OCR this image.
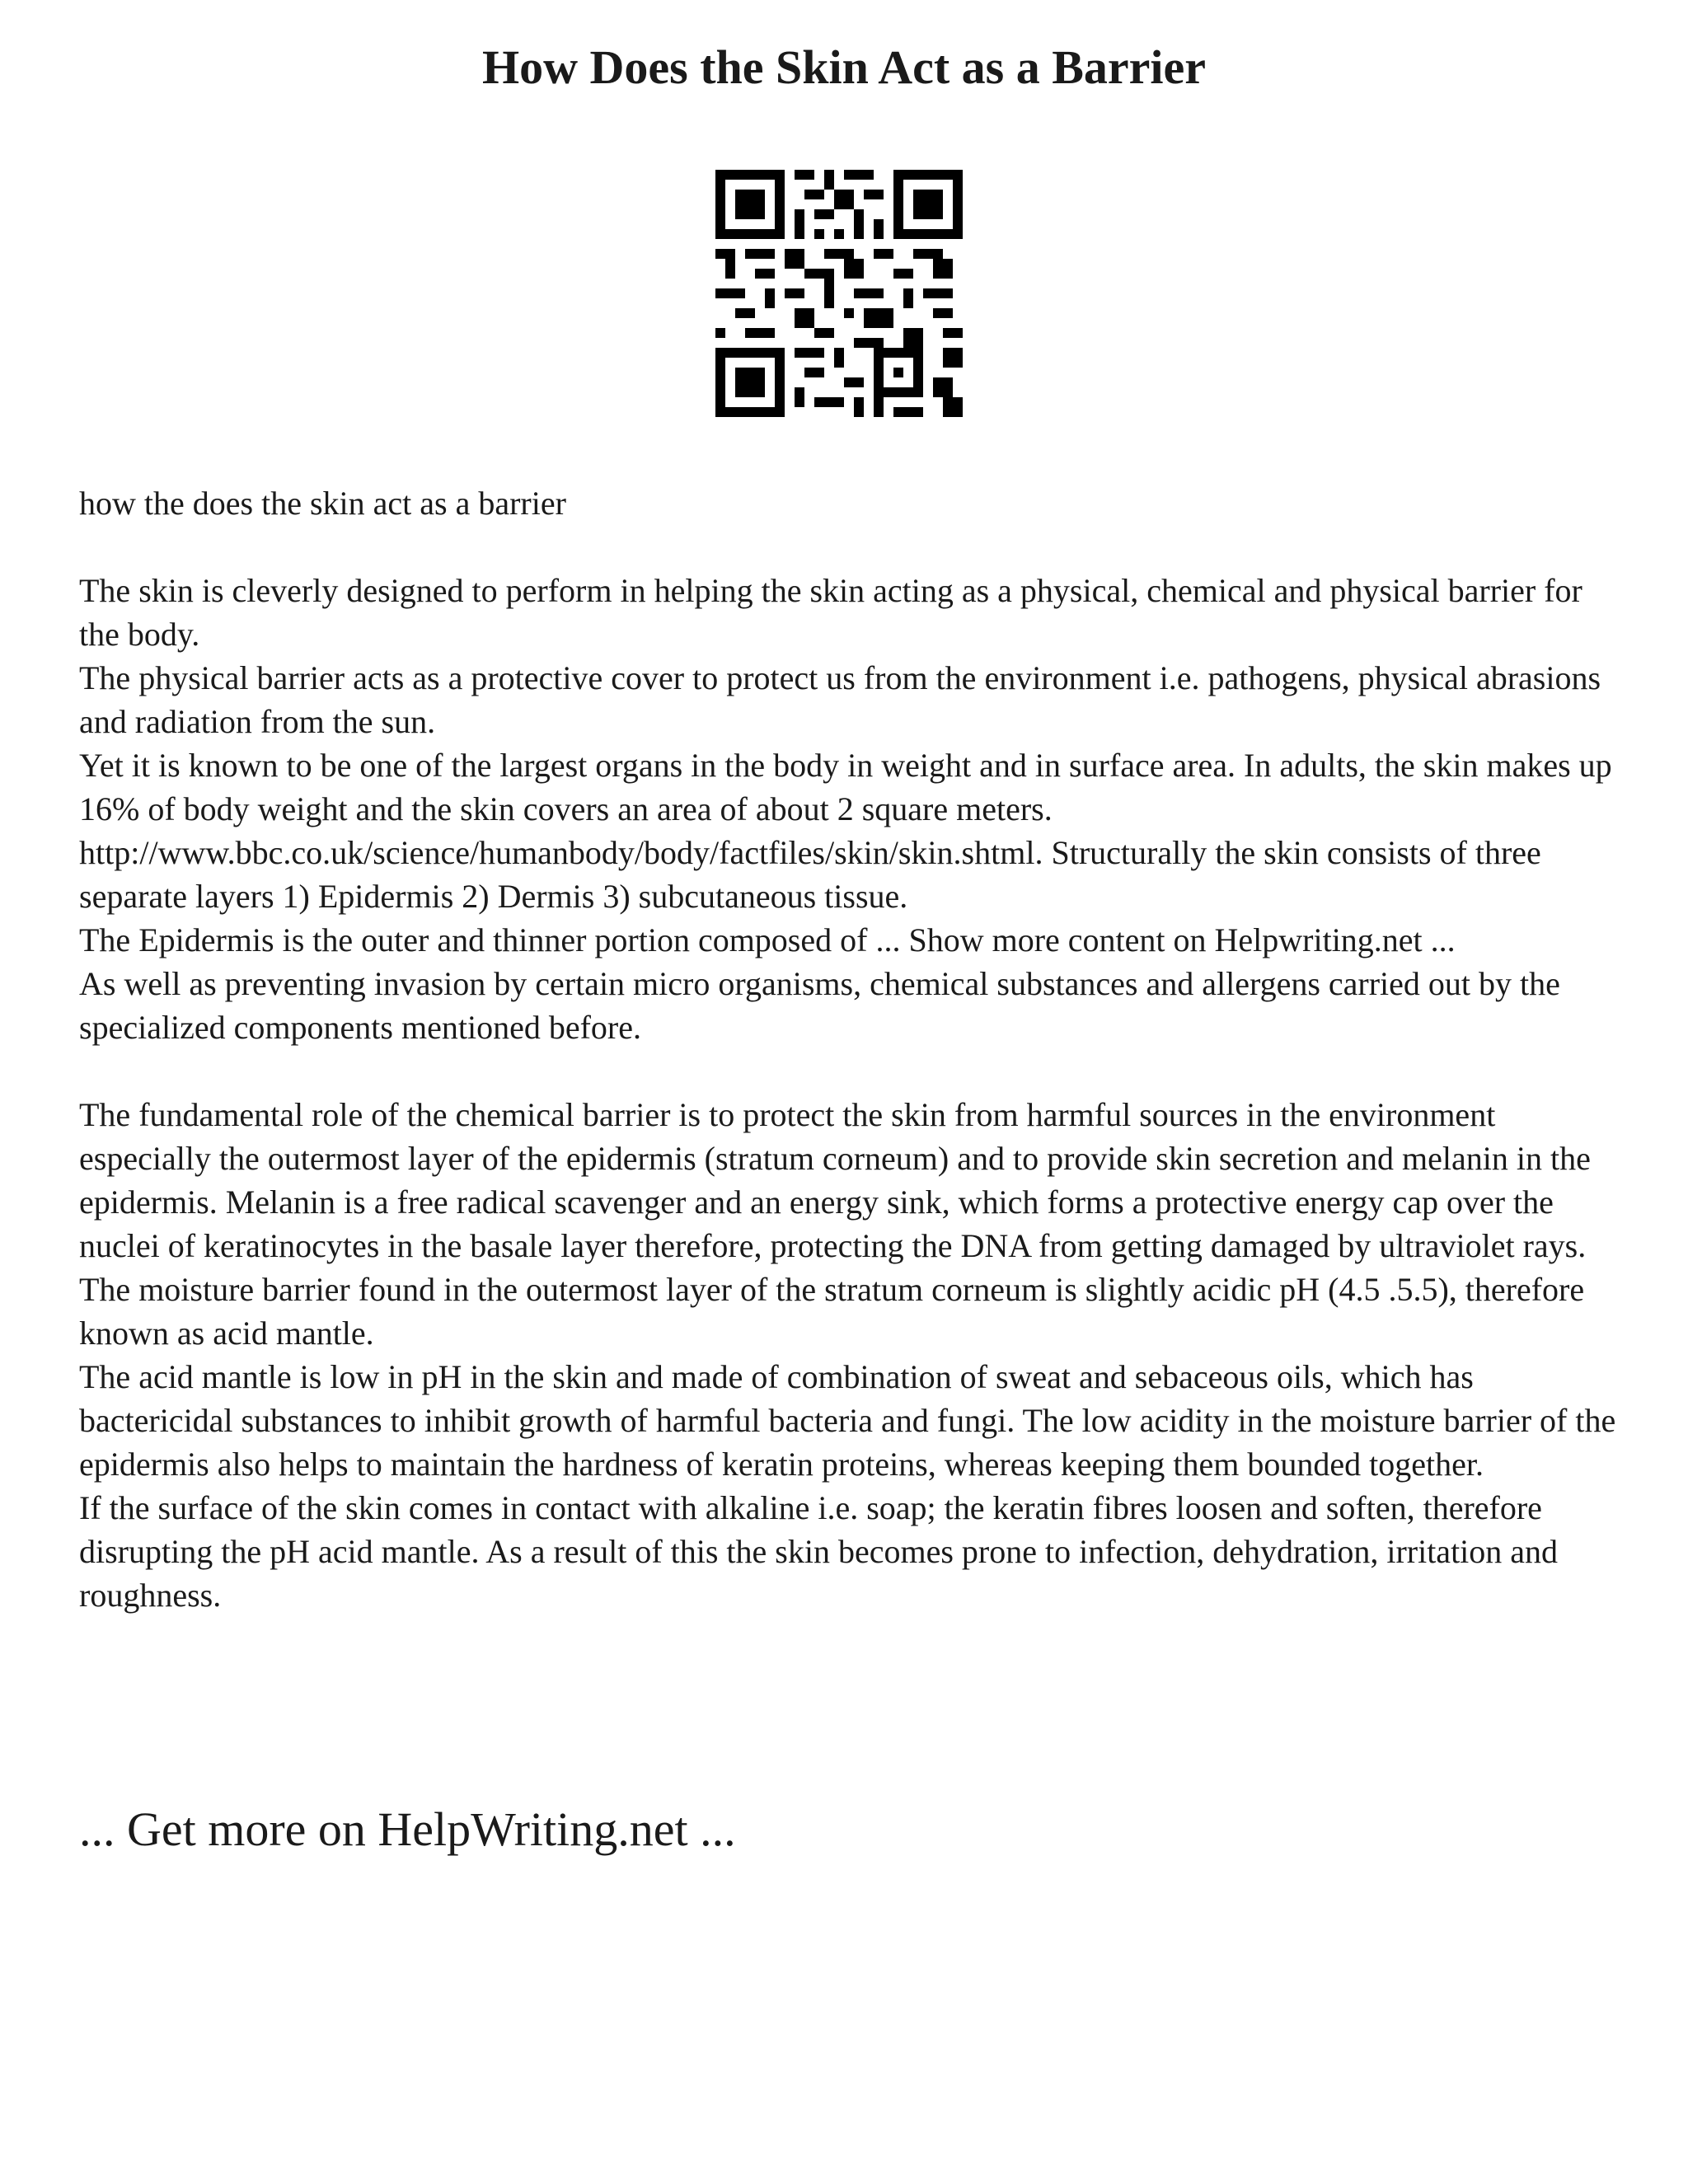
How Does the Skin Act as a Barrier

how the does the skin act as a barrier

The skin is cleverly designed to perform in helping the skin acting as a physical, chemical and physical barrier for the body.

The physical barrier acts as a protective cover to protect us from the environment i.e. pathogens, physical abrasions and radiation from the sun.

Yet it is known to be one of the largest organs in the body in weight and in surface area. In adults, the skin makes up 16% of body weight and the skin covers an area of about 2 square meters. http://www.bbc.co.uk/science/humanbody/body/factfiles/skin/skin.shtml. Structurally the skin consists of three separate layers 1) Epidermis 2) Dermis 3) subcutaneous tissue.

The Epidermis is the outer and thinner portion composed of ... Show more content on Helpwriting.net ...

As well as preventing invasion by certain micro organisms, chemical substances and allergens carried out by the specialized components mentioned before.

The fundamental role of the chemical barrier is to protect the skin from harmful sources in the environment especially the outermost layer of the epidermis (stratum corneum) and to provide skin secretion and melanin in the epidermis. Melanin is a free radical scavenger and an energy sink, which forms a protective energy cap over the nuclei of keratinocytes in the basale layer therefore, protecting the DNA from getting damaged by ultraviolet rays.

The moisture barrier found in the outermost layer of the stratum corneum is slightly acidic pH (4.5 .5.5), therefore known as acid mantle.

The acid mantle is low in pH in the skin and made of combination of sweat and sebaceous oils, which has bactericidal substances to inhibit growth of harmful bacteria and fungi. The low acidity in the moisture barrier of the epidermis also helps to maintain the hardness of keratin proteins, whereas keeping them bounded together.

If the surface of the skin comes in contact with alkaline i.e. soap; the keratin fibres loosen and soften, therefore disrupting the pH acid mantle. As a result of this the skin becomes prone to infection, dehydration, irritation and roughness.

... Get more on HelpWriting.net ...
